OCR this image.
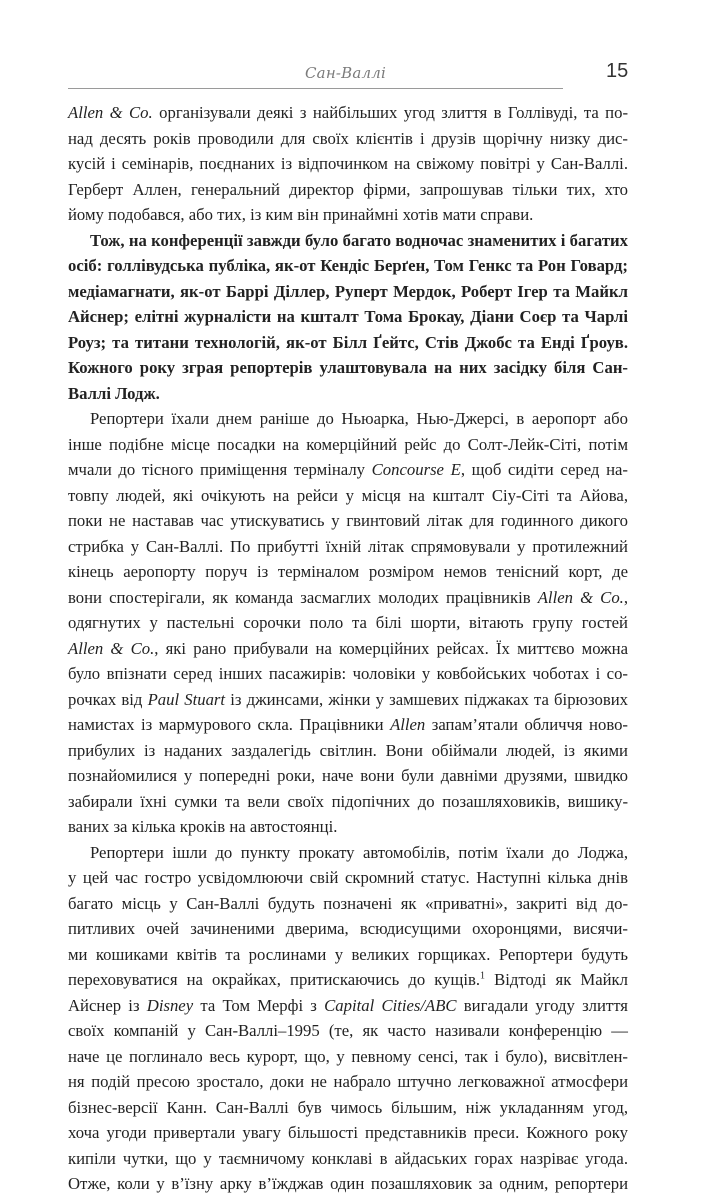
Сан-Валлі	15
Allen & Co. організували деякі з найбільших угод злиття в Голлівуді, та по-
над десять років проводили для своїх клієнтів і друзів щорічну низку дис-
кусій і семінарів, поєднаних із відпочинком на свіжому повітрі у Сан-Валлі.
Герберт Аллен, генеральний директор фірми, запрошував тільки тих, хто
йому подобався, або тих, із ким він принаймні хотів мати справи.
Тож, на конференції завжди було багато водночас знаменитих і багатих
осіб: голлівудська публіка, як-от Кендіс Берґен, Том Генкс та Рон Говард;
медіамагнати, як-от Баррі Діллер, Руперт Мердок, Роберт Ігер та Майкл
Айснер; елітні журналісти на кшталт Тома Брокау, Діани Соєр та Чарлі
Роуз; та титани технологій, як-от Білл Ґейтс, Стів Джобс та Енді Ґроув.
Кожного року зграя репортерів улаштовувала на них засідку біля Сан-
Валлі Лодж.
Репортери їхали днем раніше до Ньюарка, Нью-Джерсі, в аеропорт або
інше подібне місце посадки на комерційний рейс до Солт-Лейк-Сіті, потім
мчали до тісного приміщення терміналу Concourse E, щоб сидіти серед на-
товпу людей, які очікують на рейси у місця на кшталт Сіу-Сіті та Айова,
поки не наставав час утискуватись у гвинтовий літак для годинного дикого
стрибка у Сан-Валлі. По прибутті їхній літак спрямовували у протилежний
кінець аеропорту поруч із терміналом розміром немов тенісний корт, де
вони спостерігали, як команда засмаглих молодих працівників Allen & Co.,
одягнутих у пастельні сорочки поло та білі шорти, вітають групу гостей
Allen & Co., які рано прибували на комерційних рейсах. Їх миттєво можна
було впізнати серед інших пасажирів: чоловіки у ковбойських чоботах і со-
рочках від Paul Stuart із джинсами, жінки у замшевих піджаках та бірюзових
намистах із мармурового скла. Працівники Allen запам’ятали обличчя ново-
прибулих із наданих заздалегідь світлин. Вони обіймали людей, із якими
познайомилися у попередні роки, наче вони були давніми друзями, швидко
забирали їхні сумки та вели своїх підопічних до позашляховиків, вишику-
ваних за кілька кроків на автостоянці.
Репортери ішли до пункту прокату автомобілів, потім їхали до Лоджа,
у цей час гостро усвідомлюючи свій скромний статус. Наступні кілька днів
багато місць у Сан-Валлі будуть позначені як «приватні», закриті від до-
питливих очей зачиненими дверима, всюдисущими охоронцями, висячи-
ми кошиками квітів та рослинами у великих горщиках. Репортери будуть
переховуватися на окрайках, притискаючись до кущів.$^1$ Відтоді як Майкл
Айснер із Disney та Том Мерфі з Capital Cities/ABC вигадали угоду злиття
своїх компаній у Сан-Валлі–1995 (те, як часто називали конференцію —
наче це поглинало весь курорт, що, у певному сенсі, так і було), висвітлен-
ня подій пресою зростало, доки не набрало штучно легковажної атмосфери
бізнес-версії Канн. Сан-Валлі був чимось більшим, ніж укладанням угод,
хоча угоди привертали увагу більшості представників преси. Кожного року
кипіли чутки, що у таємничому конклаві в айдаських горах назріває угода.
Отже, коли у в’їзну арку в’їжджав один позашляховик за одним, репортери
